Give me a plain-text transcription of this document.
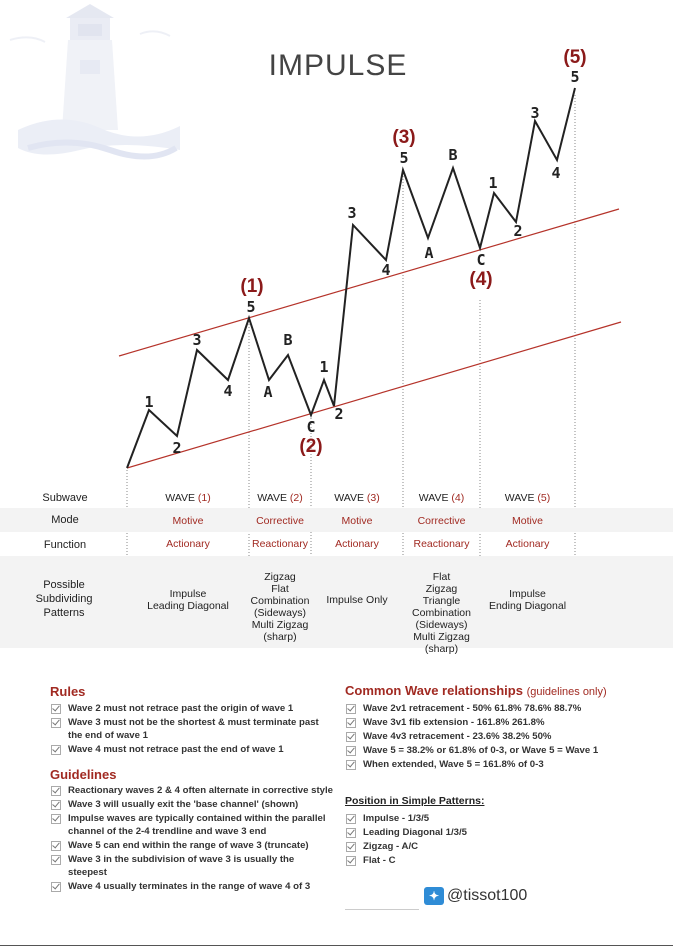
IMPULSE
1
2
3
4
5
A
B
C
1
2
3
4
5
A
B
C
1
2
3
4
5
(1)
(2)
(3)
(4)
(5)
Subwave
Mode
Function
Possible Subdividing Patterns
WAVE (1)
Motive
Actionary
Impulse
Leading Diagonal
WAVE (2)
Corrective
Reactionary
Zigzag
Flat
Combination
(Sideways)
Multi Zigzag
(sharp)
WAVE (3)
Motive
Actionary
Impulse Only
WAVE (4)
Corrective
Reactionary
Flat
Zigzag
Triangle
Combination
(Sideways)
Multi Zigzag
(sharp)
WAVE (5)
Motive
Actionary
Impulse
Ending Diagonal
Rules
Wave 2 must not retrace past the origin of wave 1
Wave 3 must not be the shortest & must terminate past the end of wave 1
Wave 4 must not retrace past the end of wave 1
Guidelines
Reactionary waves 2 & 4 often alternate in corrective style
Wave 3 will usually exit the 'base channel' (shown)
Impulse waves are typically contained within the parallel channel of the 2-4 trendline and wave 3 end
Wave 5 can end within the range of wave 3 (truncate)
Wave 3 in the subdivision of wave 3 is usually the steepest
Wave 4 usually terminates in the range of wave 4 of 3
Common Wave relationships (guidelines only)
Wave 2v1 retracement - 50% 61.8% 78.6% 88.7%
Wave 3v1 fib extension - 161.8% 261.8%
Wave 4v3 retracement - 23.6% 38.2% 50%
Wave 5 = 38.2% or 61.8% of 0-3, or Wave 5 = Wave 1
When extended, Wave 5 = 161.8% of 0-3
Position in Simple Patterns:
Impulse - 1/3/5
Leading Diagonal 1/3/5
Zigzag - A/C
Flat - C
✦ @tissot100
